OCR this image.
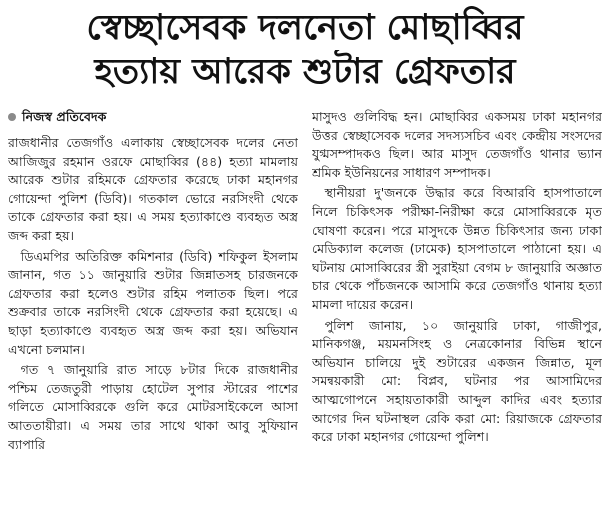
স্বেচ্ছাসেবক দলনেতা মোছাব্বির
হত্যায় আরেক শুটার গ্রেফতার
নিজস্ব প্রতিবেদক

রাজধানীর তেজগাঁও এলাকায় স্বেচ্ছাসেবক দলের নেতা আজিজুর রহমান ওরফে মোছাব্বির (৪৪) হত্যা মামলায় আরেক শুটার রহিমকে গ্রেফতার করেছে ঢাকা মহানগর গোয়েন্দা পুলিশ (ডিবি)। গতকাল ভোরে নরসিংদী থেকে তাকে গ্রেফতার করা হয়। এ সময় হত্যাকাণ্ডে ব্যবহৃত অস্ত্র জব্দ করা হয়।

ডিএমপির অতিরিক্ত কমিশনার (ডিবি) শফিকুল ইসলাম জানান, গত ১১ জানুয়ারি শুটার জিন্নাতসহ চারজনকে গ্রেফতার করা হলেও শুটার রহিম পলাতক ছিল। পরে শুক্রবার তাকে নরসিংদী থেকে গ্রেফতার করা হয়েছে। এ ছাড়া হত্যাকাণ্ডে ব্যবহৃত অস্ত্র জব্দ করা হয়। অভিযান এখনো চলমান।

গত ৭ জানুয়ারি রাত সাড়ে ৮টার দিকে রাজধানীর পশ্চিম তেজতুরী পাড়ায় হোটেল সুপার স্টারের পাশের গলিতে মোসাব্বিরকে গুলি করে মোটরসাইকেলে আসা আততায়ীরা। এ সময় তার সাথে থাকা আবু সুফিয়ান ব্যাপারি

মাসুদও গুলিবিদ্ধ হন। মোছাব্বির একসময় ঢাকা মহানগর উত্তর স্বেচ্ছাসেবক দলের সদস্যসচিব এবং কেন্দ্রীয় সংসদের যুগ্মসম্পাদকও ছিল। আর মাসুদ তেজগাঁও থানার ভ্যান শ্রমিক ইউনিয়নের সাধারণ সম্পাদক।

স্থানীয়রা দু'জনকে উদ্ধার করে বিআরবি হাসপাতালে নিলে চিকিৎসক পরীক্ষা-নিরীক্ষা করে মোসাব্বিরকে মৃত ঘোষণা করেন। পরে মাসুদকে উন্নত চিকিৎসার জন্য ঢাকা মেডিক্যাল কলেজ (ঢামেক) হাসপাতালে পাঠানো হয়। এ ঘটনায় মোসাব্বিরের স্ত্রী সুরাইয়া বেগম ৮ জানুয়ারি অজ্ঞাত চার থেকে পাঁচজনকে আসামি করে তেজগাঁও থানায় হত্যা মামলা দায়ের করেন।

পুলিশ জানায়, ১০ জানুয়ারি ঢাকা, গাজীপুর, মানিকগঞ্জ, ময়মনসিংহ ও নেত্রকোনার বিভিন্ন স্থানে অভিযান চালিয়ে দুই শুটারের একজন জিন্নাত, মূল সমন্বয়কারী মো: বিপ্লব, ঘটনার পর আসামিদের আত্মগোপনে সহায়তাকারী আব্দুল কাদির এবং হত্যার আগের দিন ঘটনাস্থল রেকি করা মো: রিয়াজকে গ্রেফতার করে ঢাকা মহানগর গোয়েন্দা পুলিশ।
